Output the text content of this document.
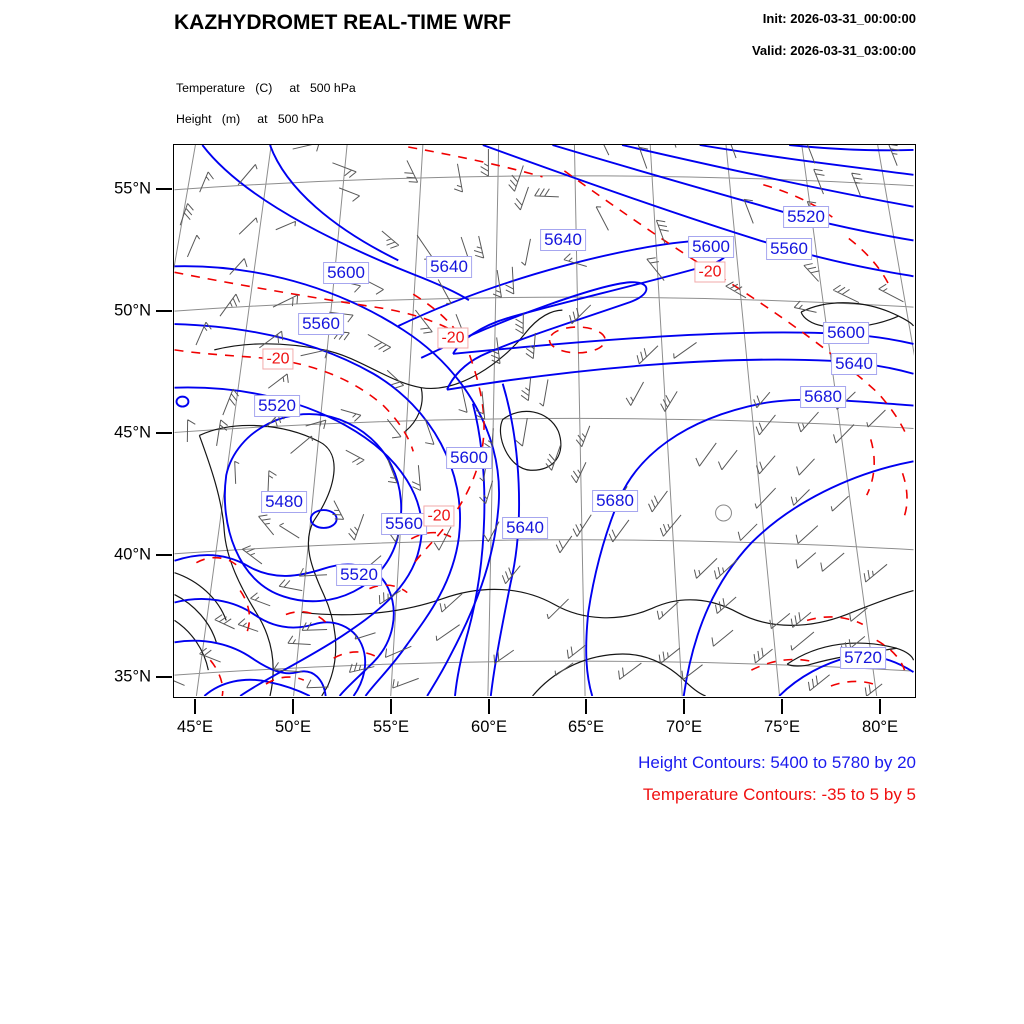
KAZHYDROMET REAL-TIME WRF	Init: 2026-03-31_00:00:00

Valid: 2026-03-31_03:00:00
Temperature   (C)     at   500 hPa

Height   (m)     at   500 hPa

5520
5600 5560
5640
5640
5600
5560	5600
5640
5680
5520
5600
5680
5480
5560	5640
5520
5720
-20
-20
-20
-20
55°N
50°N
45°N
40°N
35°N
45°E	50°E	55°E	60°E	65°E	70°E	75°E	80°E
Height Contours: 5400 to 5780 by 20
Temperature Contours: -35 to 5 by 5
